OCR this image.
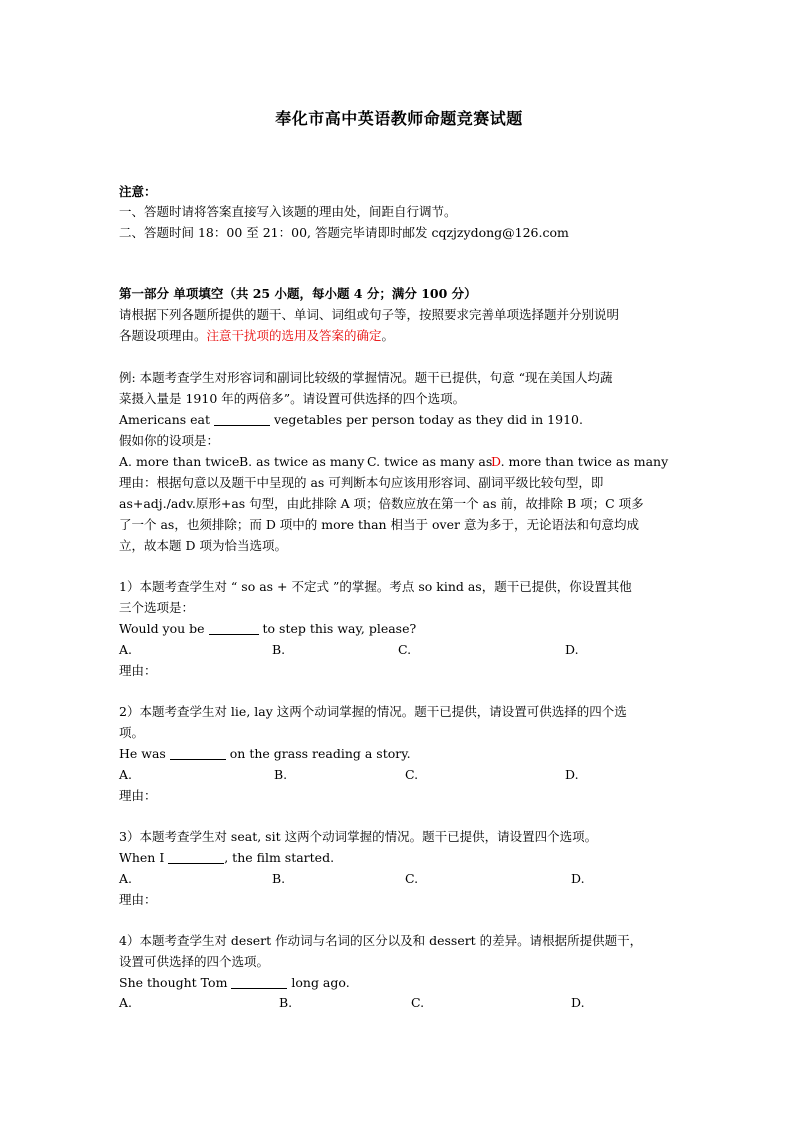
奉化市高中英语教师命题竞赛试题
注意：
一、答题时请将答案直接写入该题的理由处，间距自行调节。
二、答题时间 18：00 至 21：00, 答题完毕请即时邮发 cqzjzydong@126.com
第一部分 单项填空（共 25 小题，每小题 4 分；满分 100 分）
请根据下列各题所提供的题干、单词、词组或句子等，按照要求完善单项选择题并分别说明
各题设项理由。注意干扰项的选用及答案的确定。
例: 本题考查学生对形容词和副词比较级的掌握情况。题干已提供，句意 “现在美国人均蔬
菜摄入量是 1910 年的两倍多”。请设置可供选择的四个选项。
Americans eat	vegetables per person today as they did in 1910.
假如你的设项是：
A. more than twice B. as twice as many C. twice as many as
D. more than twice as many
理由：根据句意以及题干中呈现的 as 可判断本句应该用形容词、副词平级比较句型，即
as+adj./adv.原形+as 句型，由此排除 A 项；倍数应放在第一个 as 前，故排除 B 项；C 项多
了一个 as，也须排除；而 D 项中的 more than 相当于 over 意为多于，无论语法和句意均成
立，故本题 D 项为恰当选项。
1）本题考查学生对 “ so as + 不定式 ”的掌握。考点 so kind as，题干已提供，你设置其他
三个选项是：
Would you be	to step this way, please?
A.	B.	C.	D.
理由：
2）本题考查学生对 lie, lay 这两个动词掌握的情况。题干已提供，请设置可供选择的四个选
项。
He was	on the grass reading a story.
A.	B.	C.	D.
理由：
3）本题考查学生对 seat, sit 这两个动词掌握的情况。题干已提供，请设置四个选项。
When I	, the film started.
A.	B.	C.	D.
理由：
4）本题考查学生对 desert 作动词与名词的区分以及和 dessert 的差异。请根据所提供题干，
设置可供选择的四个选项。
She thought Tom	long ago.
A.	B.	C.	D.
